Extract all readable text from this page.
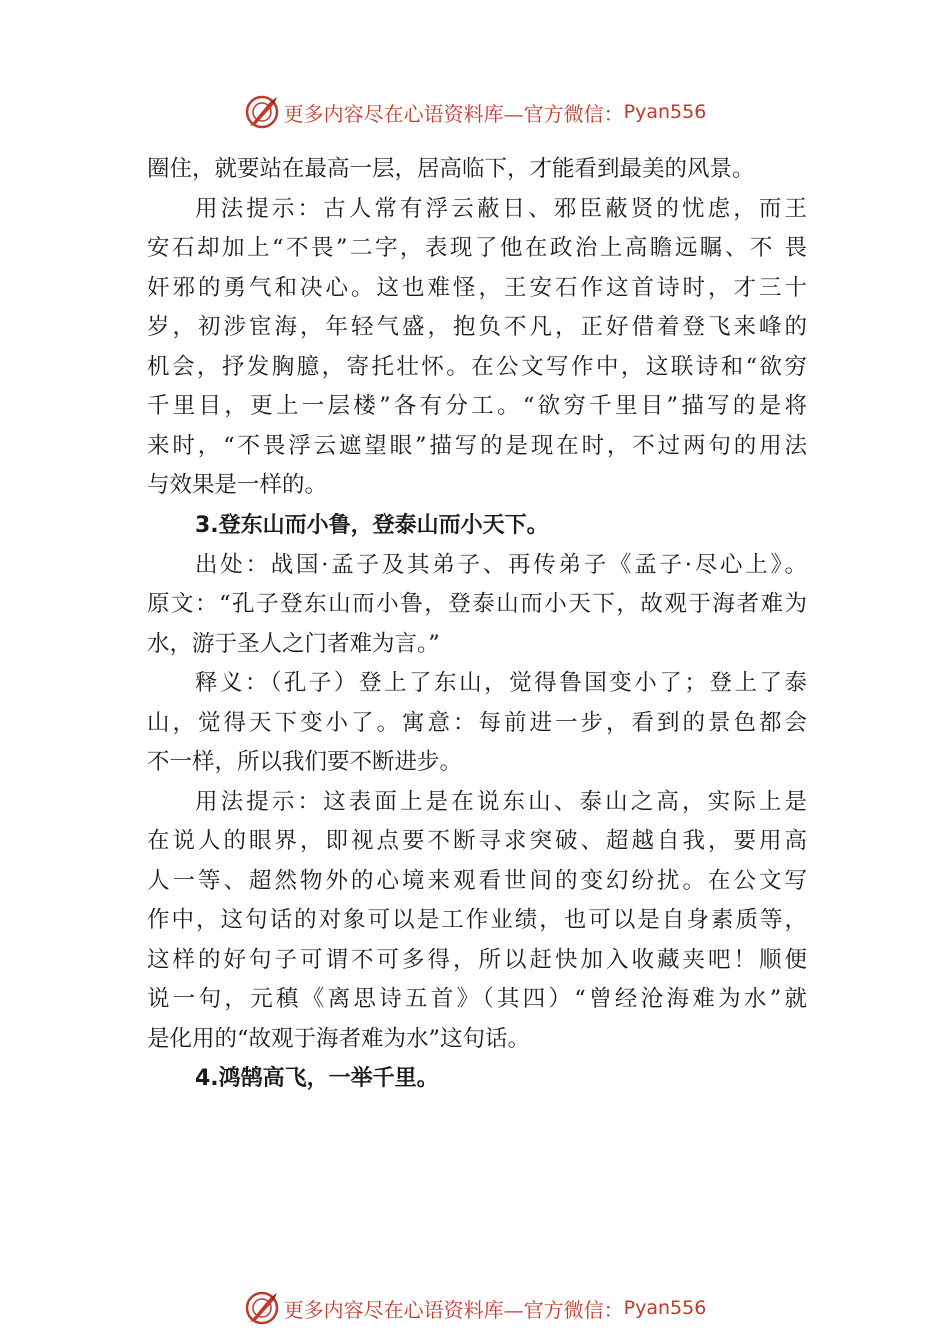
更多内容尽在心语资料库—官方微信： Pyan556
圈住，就要站在最高一层，居高临下，才能看到最美的风景。
用法提示：古人常有浮云蔽日、邪臣蔽贤的忧虑，而王
安石却加上“不畏”二字，表现了他在政治上高瞻远瞩、不 畏
奸邪的勇气和决心。这也难怪，王安石作这首诗时，才三十
岁，初涉宦海，年轻气盛，抱负不凡，正好借着登飞来峰的
机会，抒发胸臆，寄托壮怀。在公文写作中，这联诗和“欲穷
千里目，更上一层楼”各有分工。“欲穷千里目”描写的是将
来时，“不畏浮云遮望眼”描写的是现在时，不过两句的用法
与效果是一样的。
3.登东山而小鲁，登泰山而小天下。
出处：战国·孟子及其弟子、再传弟子《孟子·尽心上》。
原文：“孔子登东山而小鲁，登泰山而小天下，故观于海者难为
水，游于圣人之门者难为言。”
释义：（孔子）登上了东山，觉得鲁国变小了；登上了泰
山，觉得天下变小了。寓意：每前进一步，看到的景色都会
不一样，所以我们要不断进步。
用法提示：这表面上是在说东山、泰山之高，实际上是
在说人的眼界，即视点要不断寻求突破、超越自我，要用高
人一等、超然物外的心境来观看世间的变幻纷扰。在公文写
作中，这句话的对象可以是工作业绩，也可以是自身素质等，
这样的好句子可谓不可多得，所以赶快加入收藏夹吧！顺便
说一句，元稹《离思诗五首》（其四）“曾经沧海难为水”就
是化用的“故观于海者难为水”这句话。
4.鸿鹄高飞，一举千里。
更多内容尽在心语资料库—官方微信： Pyan556
